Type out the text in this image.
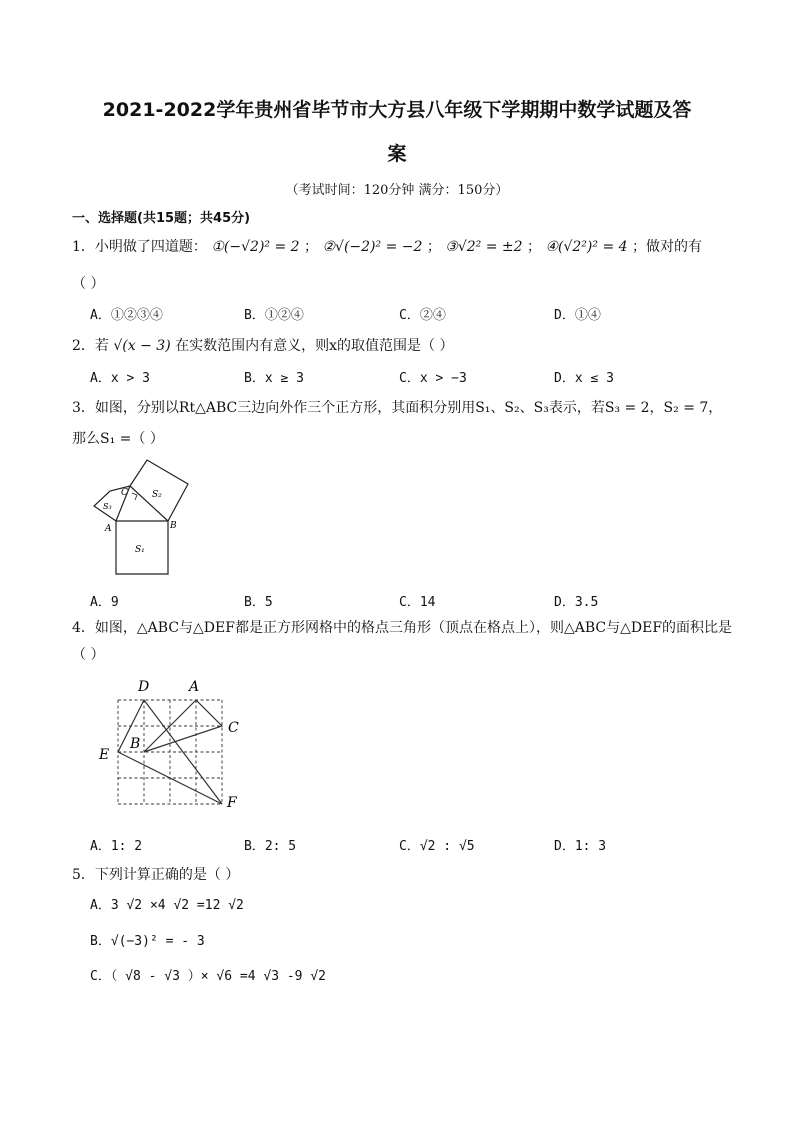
2021-2022学年贵州省毕节市大方县八年级下学期期中数学试题及答
案
（考试时间：120分钟 满分：150分）
一、选择题(共15题；共45分)
1．小明做了四道题： ①(−√2)² = 2 ； ②√(−2)² = −2 ； ③√2² = ±2 ； ④(√2²)² = 4 ；做对的有
（ ）
A．①②③④	B．①②④	C．②④	D．①④
2．若 √(x − 3) 在实数范围内有意义，则x的取值范围是（ ）
A．x > 3	B．x ≥ 3	C．x > −3	D．x ≤ 3
3．如图，分别以Rt△ABC三边向外作三个正方形，其面积分别用S₁、S₂、S₃表示，若S₃ = 2，S₂ = 7，
那么S₁ =（ ）
C	S₂
S₃
A	B
S₁
A．9	B．5	C．14	D．3.5
4．如图，△ABC与△DEF都是正方形网格中的格点三角形（顶点在格点上），则△ABC与△DEF的面积比是
（ ）
D	A
C
B
E
F
A．1: 2	B．2: 5	C．√2 : √5	D．1: 3
5．下列计算正确的是（ ）
A．3 √2 ×4 √2 =12 √2
B．√(−3)² = - 3
C．（ √8 - √3 ）× √6 =4 √3 -9 √2
